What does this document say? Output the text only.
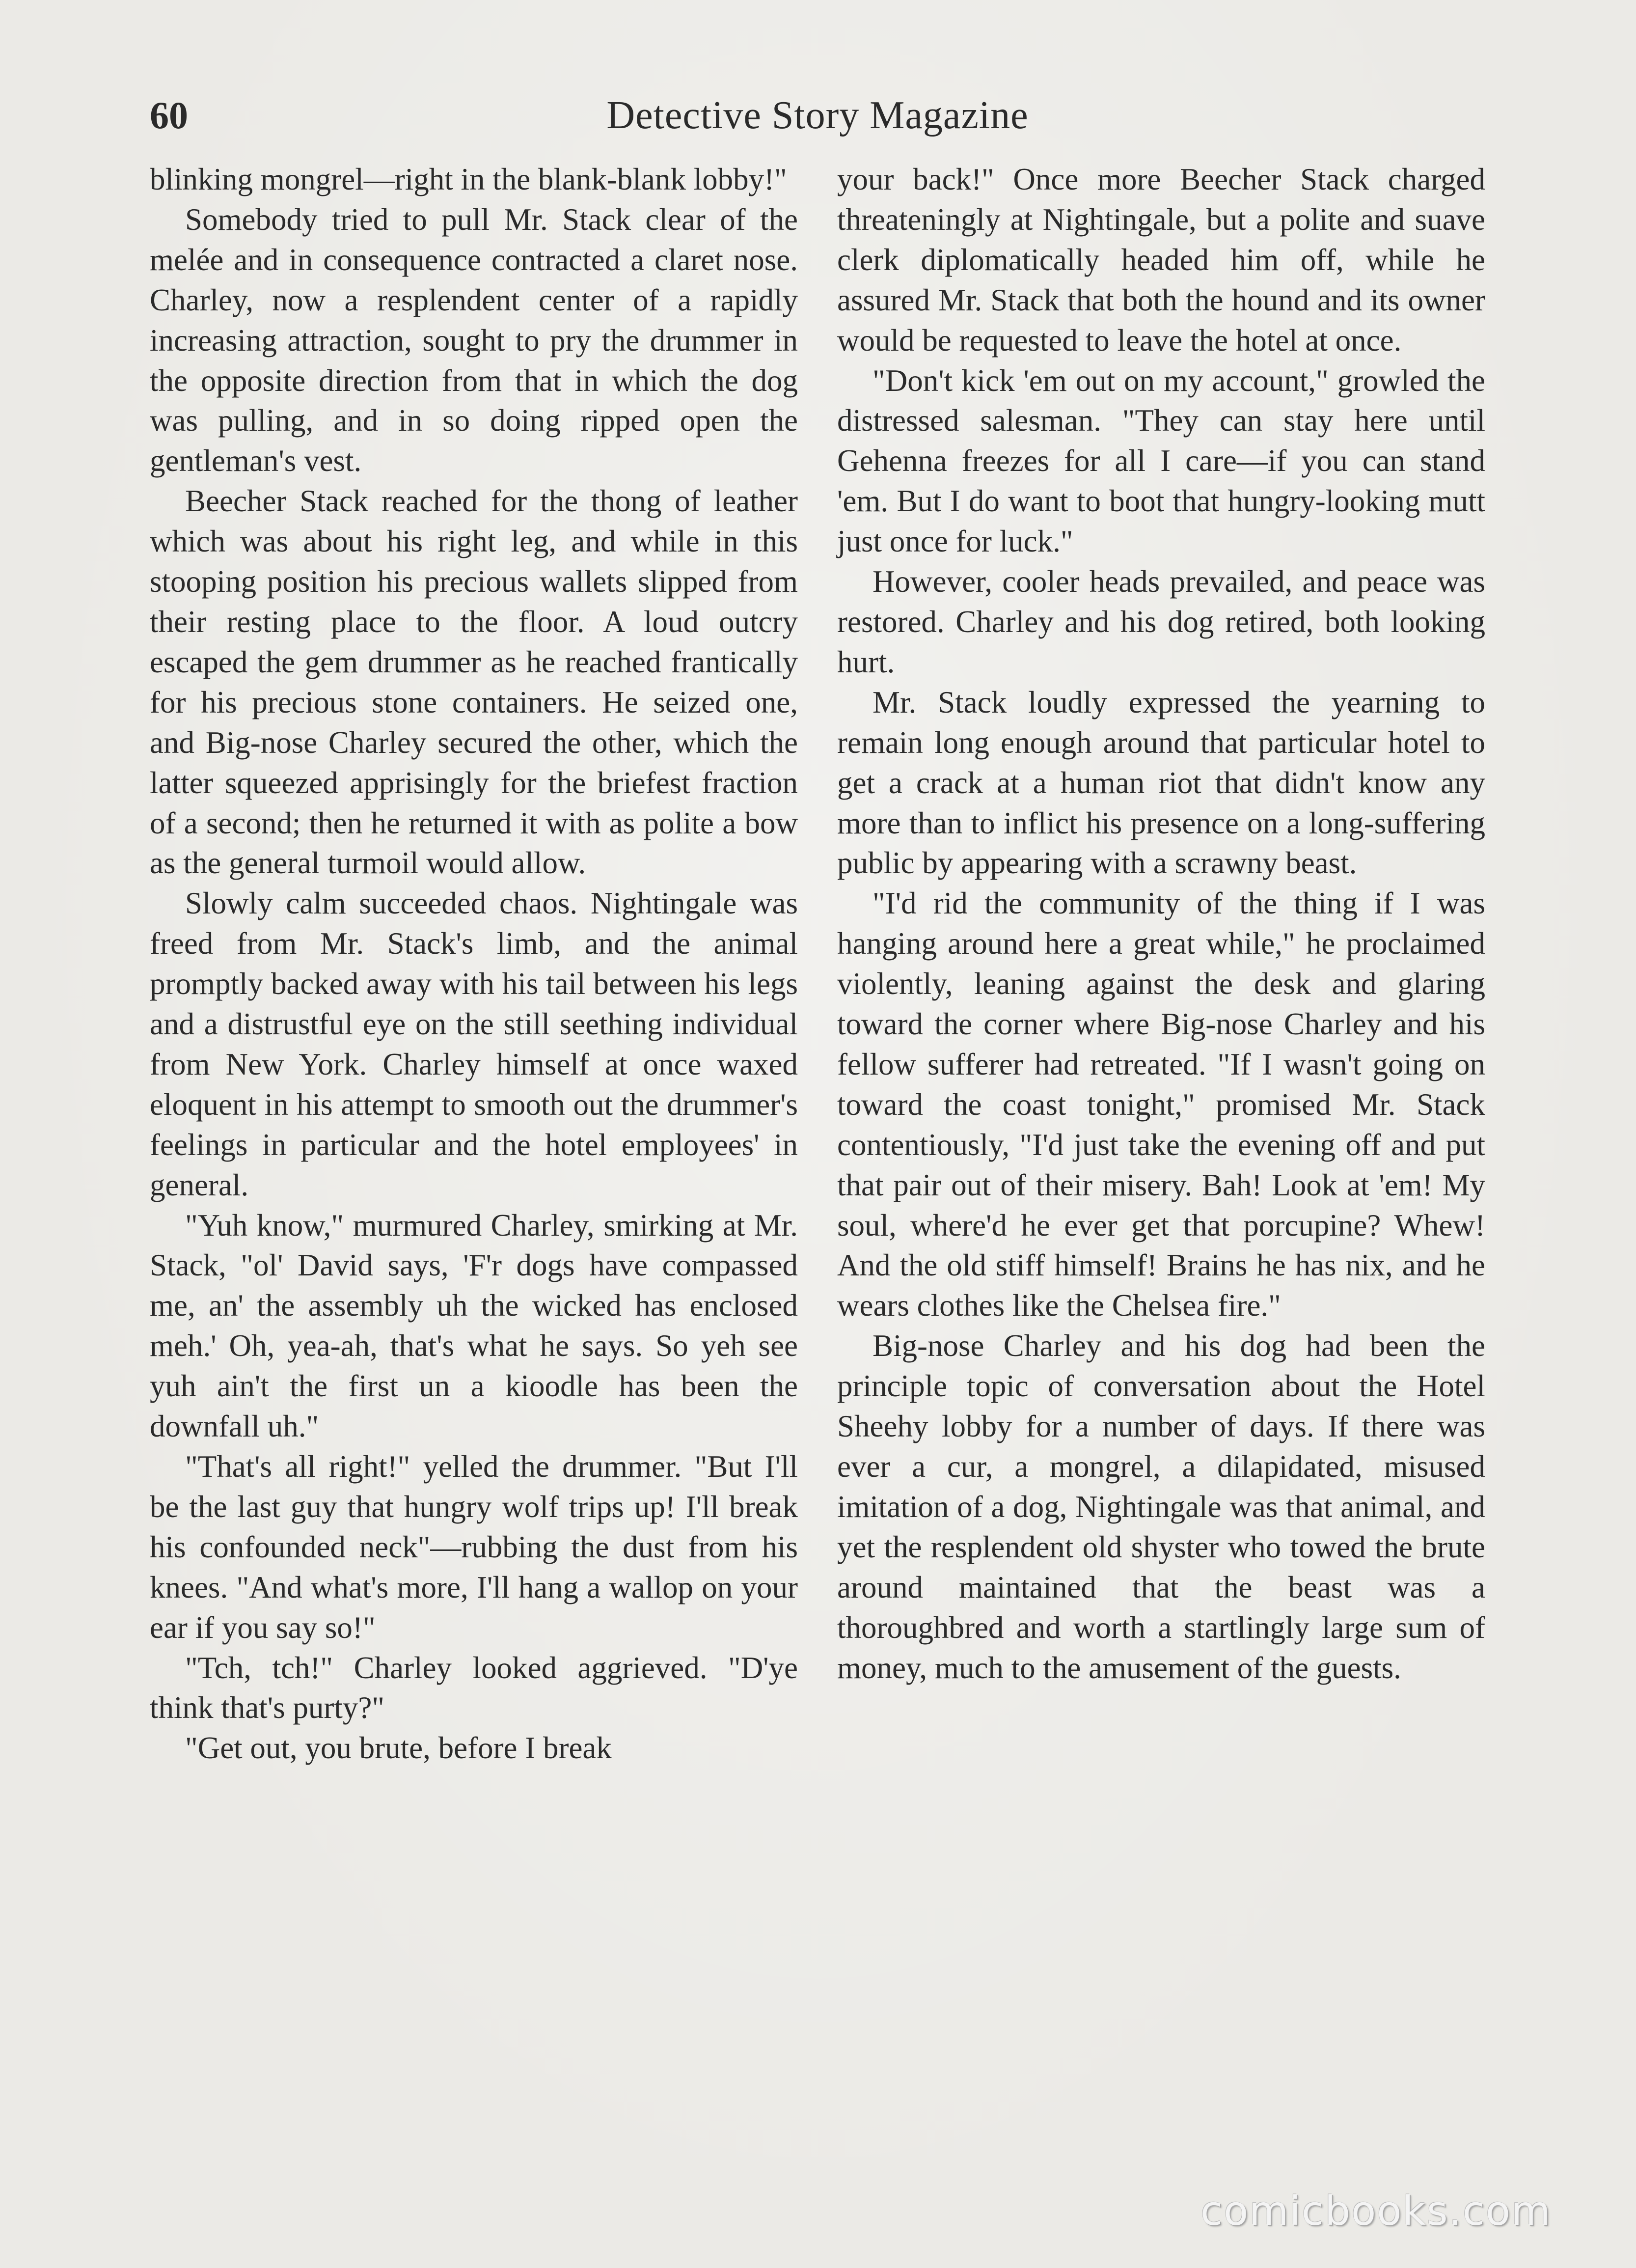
60	Detective Story Magazine

blinking mongrel—right in the blank-blank lobby!"

Somebody tried to pull Mr. Stack clear of the melée and in consequence contracted a claret nose. Charley, now a resplendent center of a rapidly increasing attraction, sought to pry the drummer in the opposite direction from that in which the dog was pulling, and in so doing ripped open the gentleman's vest.

Beecher Stack reached for the thong of leather which was about his right leg, and while in this stooping position his precious wallets slipped from their resting place to the floor. A loud outcry escaped the gem drummer as he reached frantically for his precious stone containers. He seized one, and Big-nose Charley secured the other, which the latter squeezed apprisingly for the briefest fraction of a second; then he returned it with as polite a bow as the general turmoil would allow.

Slowly calm succeeded chaos. Nightingale was freed from Mr. Stack's limb, and the animal promptly backed away with his tail between his legs and a distrustful eye on the still seething individual from New York. Charley himself at once waxed eloquent in his attempt to smooth out the drummer's feelings in particular and the hotel employees' in general.

"Yuh know," murmured Charley, smirking at Mr. Stack, "ol' David says, 'F'r dogs have compassed me, an' the assembly uh the wicked has enclosed meh.' Oh, yea-ah, that's what he says. So yeh see yuh ain't the first un a kioodle has been the downfall uh."

"That's all right!" yelled the drummer. "But I'll be the last guy that hungry wolf trips up! I'll break his confounded neck"—rubbing the dust from his knees. "And what's more, I'll hang a wallop on your ear if you say so!"

"Tch, tch!" Charley looked aggrieved. "D'ye think that's purty?"

"Get out, you brute, before I break

your back!" Once more Beecher Stack charged threateningly at Nightingale, but a polite and suave clerk diplomatically headed him off, while he assured Mr. Stack that both the hound and its owner would be requested to leave the hotel at once.

"Don't kick 'em out on my account," growled the distressed salesman. "They can stay here until Gehenna freezes for all I care—if you can stand 'em. But I do want to boot that hungry-looking mutt just once for luck."

However, cooler heads prevailed, and peace was restored. Charley and his dog retired, both looking hurt.

Mr. Stack loudly expressed the yearning to remain long enough around that particular hotel to get a crack at a human riot that didn't know any more than to inflict his presence on a long-suffering public by appearing with a scrawny beast.

"I'd rid the community of the thing if I was hanging around here a great while," he proclaimed violently, leaning against the desk and glaring toward the corner where Big-nose Charley and his fellow sufferer had retreated. "If I wasn't going on toward the coast tonight," promised Mr. Stack contentiously, "I'd just take the evening off and put that pair out of their misery. Bah! Look at 'em! My soul, where'd he ever get that porcupine? Whew! And the old stiff himself! Brains he has nix, and he wears clothes like the Chelsea fire."

Big-nose Charley and his dog had been the principle topic of conversation about the Hotel Sheehy lobby for a number of days. If there was ever a cur, a mongrel, a dilapidated, misused imitation of a dog, Nightingale was that animal, and yet the resplendent old shyster who towed the brute around maintained that the beast was a thoroughbred and worth a startlingly large sum of money, much to the amusement of the guests.

comicbooks.com
